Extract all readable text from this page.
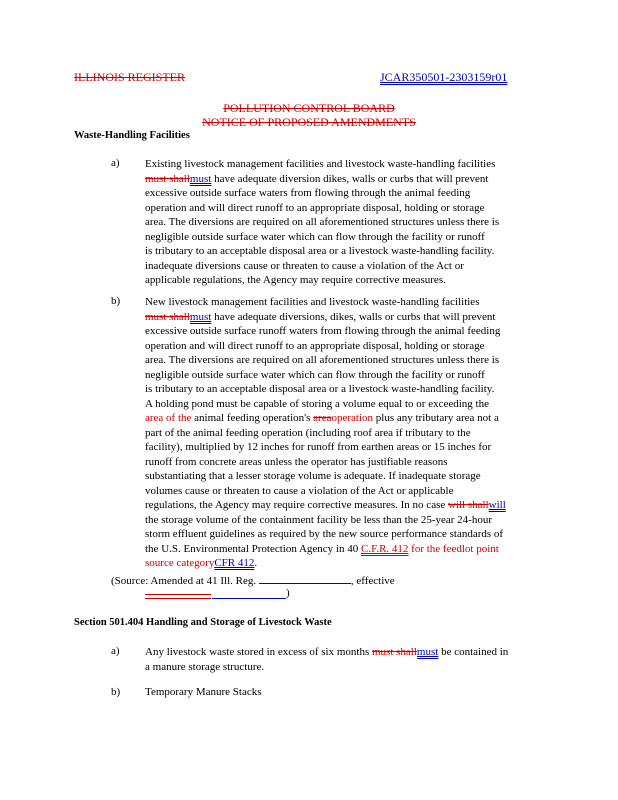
ILLINOIS REGISTER	JCAR350501-2303159r01
POLLUTION CONTROL BOARD
NOTICE OF PROPOSED AMENDMENTS
Waste-Handling Facilities
a) Existing livestock management facilities and livestock waste-handling facilities
must shallmust have adequate diversion dikes, walls or curbs that will prevent
excessive outside surface waters from flowing through the animal feeding
operation and will direct runoff to an appropriate disposal, holding or storage
area. The diversions are required on all aforementioned structures unless there is
negligible outside surface water which can flow through the facility or runoff
is tributary to an acceptable disposal area or a livestock waste-handling facility.
inadequate diversions cause or threaten to cause a violation of the Act or
applicable regulations, the Agency may require corrective measures.
b) New livestock management facilities and livestock waste-handling facilities
must shallmust have adequate diversions, dikes, walls or curbs that will prevent
excessive outside surface runoff waters from flowing through the animal feeding
operation and will direct runoff to an appropriate disposal, holding or storage
area. The diversions are required on all aforementioned structures unless there is
negligible outside surface water which can flow through the facility or runoff
is tributary to an acceptable disposal area or a livestock waste-handling facility.
A holding pond must be capable of storing a volume equal to or exceeding the
area of the animal feeding operation's areaoperation plus any tributary area not a
part of the animal feeding operation (including roof area if tributary to the
facility), multiplied by 12 inches for runoff from earthen areas or 15 inches for
runoff from concrete areas unless the operator has justifiable reasons
substantiating that a lesser storage volume is adequate. If inadequate storage
volumes cause or threaten to cause a violation of the Act or applicable
regulations, the Agency may require corrective measures. In no case will shallwill
the storage volume of the containment facility be less than the 25-year 24-hour
storm effluent guidelines as required by the new source performance standards of
the U.S. Environmental Protection Agency in 40 C.F.R. 412 for the feedlot point
source categoryCFR 412.
(Source: Amended at 41 Ill. Reg.	, effective
)
Section 501.404 Handling and Storage of Livestock Waste
a) Any livestock waste stored in excess of six months must shallmust be contained in
a manure storage structure.
b) Temporary Manure Stacks
